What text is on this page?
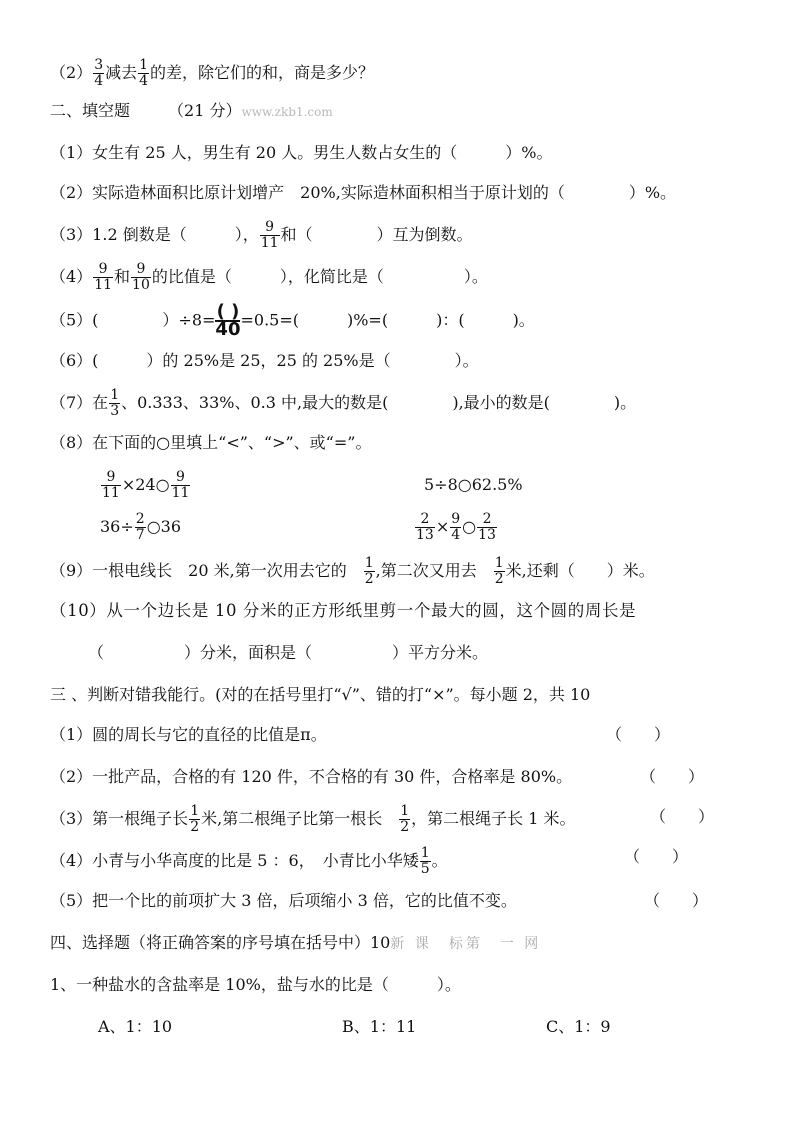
$(2) \frac{3}{4}$ 减去 $\frac{1}{4}$ 的差，除它们的和，商是多少？
二、填空题 （21 分）www.zkb1.com
（1）女生有 25 人，男生有 20 人。男生人数占女生的（　　　）%。
（2）实际造林面积比原计划增产　20%,实际造林面积相当于原计划的（　　　　）%。
（3）1.2 倒数是（　　　）， $\frac{9}{11}$ 和（　　　　）互为倒数。
$(4) \frac{9}{11}$ 和 $\frac{9}{10}$ 的比值是（　　　），化简比是（　　　　　）。
（5）(　　　　）÷8= ( )
40 =0.5=(　　　)%=(　　　)：(　　　)。
（6）(　　　）的 25%是 25，25 的 25%是（　　　　）。
（7）在 $\frac{1}{3}$ 、0.333、33%、0.3 中,最大的数是(　　　　),最小的数是(　　　　)。
（8）在下面的○里填上“<”、“>”、或“=”。
$\frac{9}{11}$ ×24○ $\frac{9}{11}$	5÷8○62.5%
$36\div \frac{2}{7}$ ○36	$\frac{2}{13} \times \frac{9}{4}$ ○ $\frac{2}{13}$
（9）一根电线长　20 米,第一次用去它的　 $\frac{1}{2}$ ,第二次又用去　 $\frac{1}{2}$ 米,还剩（　　）米。
（10）从一个边长是 10 分米的正方形纸里剪一个最大的圆，这个圆的周长是
（　　　　　）分米，面积是（　　　　　）平方分米。
三 、判断对错我能行。(对的在括号里打“√”、错的打“×”。每小题 2，共 10
（1）圆的周长与它的直径的比值是π。	（　　）
（2）一批产品，合格的有 120 件，不合格的有 30 件，合格率是 80%。	（　　）
（3）第一根绳子长 $\frac{1}{2}$ 米,第二根绳子比第一根长　 $\frac{1}{2}$ ，第二根绳子长 1 米。	（　　）
（4）小青与小华高度的比是 5 ：6，　小青比小华矮 $\frac{1}{5}$ 。	（　　）
（5）把一个比的前项扩大 3 倍，后项缩小 3 倍，它的比值不变。	（　　）
四、选择题（将正确答案的序号填在括号中）10新 课　标第　一 网
1、一种盐水的含盐率是 10%，盐与水的比是（　　　）。
A、1：10	B、1：11	C、1：9
